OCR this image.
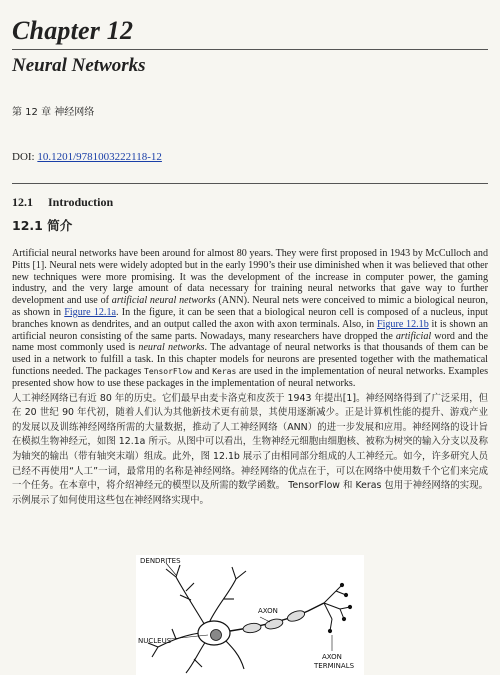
Chapter 12
Neural Networks

第 12 章 神经网络

DOI: 10.1201/9781003222118-12

12.1 Introduction
12.1 简介

Artificial neural networks have been around for almost 80 years. They were first proposed in 1943 by McCulloch and Pitts [1]. Neural nets were widely adopted but in the early 1990’s their use diminished when it was believed that other new techniques were more promising. It was the development of the increase in computer power, the gaming industry, and the very large amount of data necessary for training neural networks that gave way to further development and use of artificial neural networks (ANN). Neural nets were conceived to mimic a biological neuron, as shown in Figure 12.1a. In the figure, it can be seen that a biological neuron cell is composed of a nucleus, input branches known as dendrites, and an output called the axon with axon terminals. Also, in Figure 12.1b it is shown an artificial neuron consisting of the same parts. Nowadays, many researchers have dropped the artificial word and the name most commonly used is neural networks. The advantage of neural networks is that thousands of them can be used in a network to fulfill a task. In this chapter models for neurons are presented together with the mathematical functions needed. The packages TensorFlow and Keras are used in the implementation of neural networks. Examples presented show how to use these packages in the implementation of neural networks.

人工神经网络已有近 80 年的历史。它们最早由麦卡洛克和皮茨于 1943 年提出[1]。神经网络得到了广泛采用，但在 20 世纪 90 年代初，随着人们认为其他新技术更有前景，其使用逐渐减少。正是计算机性能的提升、游戏产业的发展以及训练神经网络所需的大量数据，推动了人工神经网络（ANN）的进一步发展和应用。神经网络的设计旨在模拟生物神经元，如图 12.1a 所示。从图中可以看出，生物神经元细胞由细胞核、被称为树突的输入分支以及称为轴突的输出（带有轴突末端）组成。此外，图 12.1b 展示了由相同部分组成的人工神经元。如今，许多研究人员已经不再使用“人工”一词，最常用的名称是神经网络。神经网络的优点在于，可以在网络中使用数千个它们来完成一个任务。在本章中，将介绍神经元的模型以及所需的数学函数。 TensorFlow 和 Keras 包用于神经网络的实现。示例展示了如何使用这些包在神经网络实现中。

DENDRITES
NUCLEUS
AXON
AXON
TERMINALS
